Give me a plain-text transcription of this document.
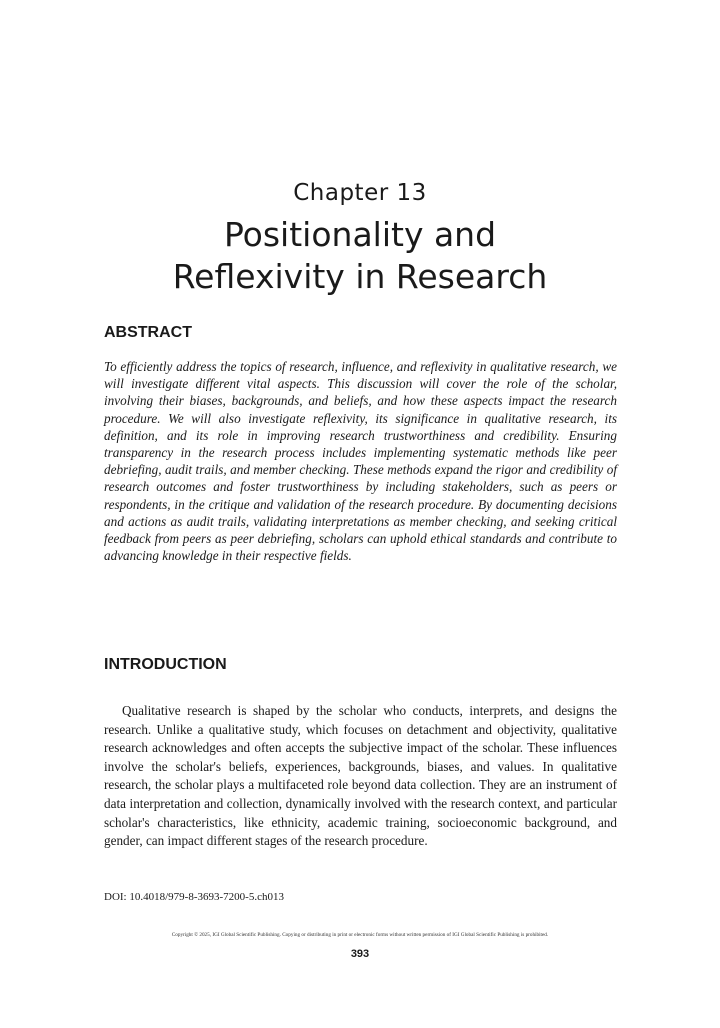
Chapter 13
Positionality and
Reflexivity in Research
ABSTRACT

To efficiently address the topics of research, influence, and reflexivity in qualitative research, we will investigate different vital aspects. This discussion will cover the role of the scholar, involving their biases, backgrounds, and beliefs, and how these aspects impact the research procedure. We will also investigate reflexivity, its significance in qualitative research, its definition, and its role in improving research trustworthiness and credibility. Ensuring transparency in the research process includes implementing systematic methods like peer debriefing, audit trails, and member checking. These methods expand the rigor and credibility of research outcomes and foster trustworthiness by including stakeholders, such as peers or respondents, in the critique and validation of the research procedure. By documenting decisions and actions as audit trails, validating interpretations as member checking, and seeking critical feedback from peers as peer debriefing, scholars can uphold ethical standards and contribute to advancing knowledge in their respective fields.

INTRODUCTION

Qualitative research is shaped by the scholar who conducts, interprets, and designs the research. Unlike a qualitative study, which focuses on detachment and objectivity, qualitative research acknowledges and often accepts the subjective impact of the scholar. These influences involve the scholar's beliefs, experiences, backgrounds, biases, and values. In qualitative research, the scholar plays a multifaceted role beyond data collection. They are an instrument of data interpretation and collection, dynamically involved with the research context, and particular scholar's characteristics, like ethnicity, academic training, socioeconomic background, and gender, can impact different stages of the research procedure.

DOI: 10.4018/979-8-3693-7200-5.ch013
Copyright © 2025, IGI Global Scientific Publishing. Copying or distributing in print or electronic forms without written permission of IGI Global Scientific Publishing is prohibited.
393
